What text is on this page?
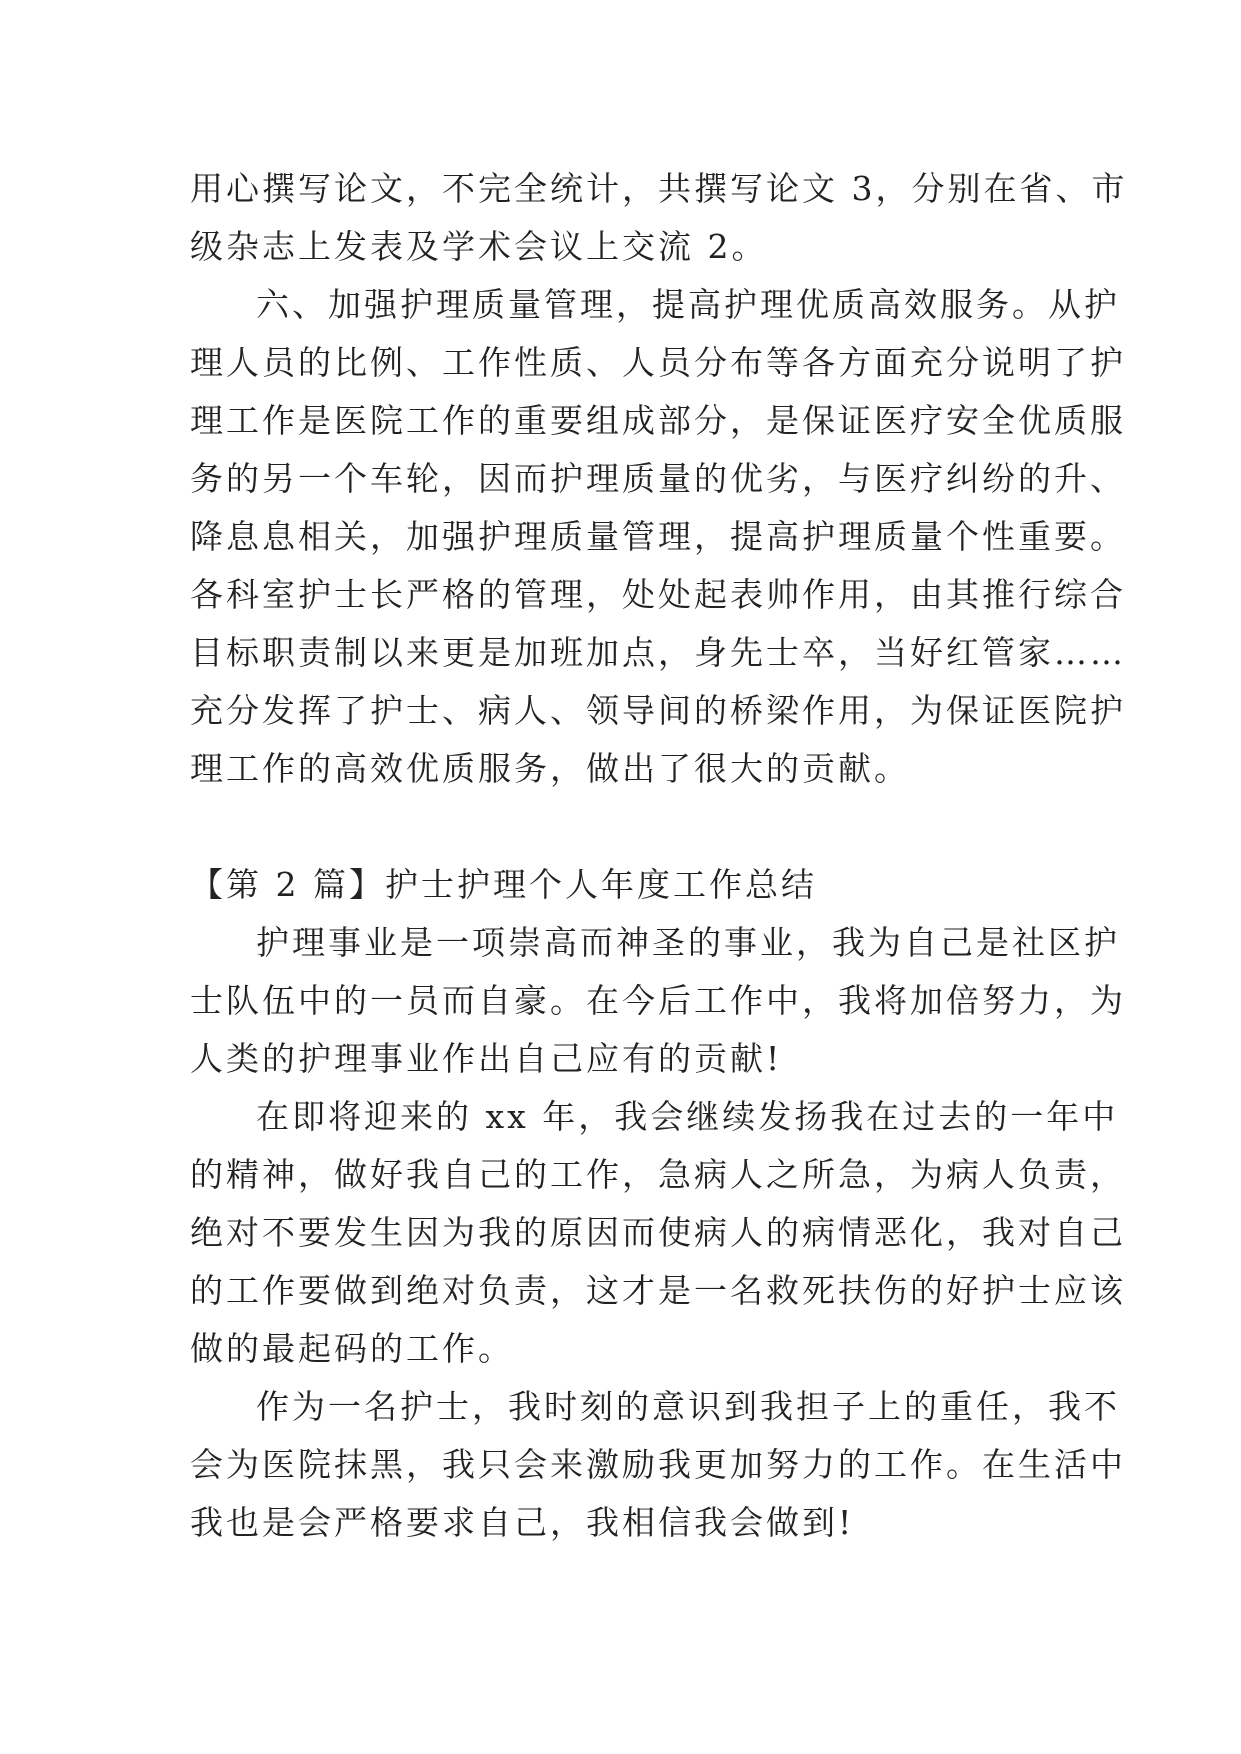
用心撰写论文，不完全统计，共撰写论文 3，分别在省、市
级杂志上发表及学术会议上交流 2。

六、加强护理质量管理，提高护理优质高效服务。从护
理人员的比例、工作性质、人员分布等各方面充分说明了护
理工作是医院工作的重要组成部分，是保证医疗安全优质服
务的另一个车轮，因而护理质量的优劣，与医疗纠纷的升、
降息息相关，加强护理质量管理，提高护理质量个性重要。
各科室护士长严格的管理，处处起表帅作用，由其推行综合
目标职责制以来更是加班加点，身先士卒，当好红管家……
充分发挥了护士、病人、领导间的桥梁作用，为保证医院护
理工作的高效优质服务，做出了很大的贡献。

【第 2 篇】护士护理个人年度工作总结

护理事业是一项崇高而神圣的事业，我为自己是社区护
士队伍中的一员而自豪。在今后工作中，我将加倍努力，为
人类的护理事业作出自己应有的贡献!

在即将迎来的 xx 年，我会继续发扬我在过去的一年中
的精神，做好我自己的工作，急病人之所急，为病人负责，
绝对不要发生因为我的原因而使病人的病情恶化，我对自己
的工作要做到绝对负责，这才是一名救死扶伤的好护士应该
做的最起码的工作。

作为一名护士，我时刻的意识到我担子上的重任，我不
会为医院抹黑，我只会来激励我更加努力的工作。在生活中
我也是会严格要求自己，我相信我会做到!
